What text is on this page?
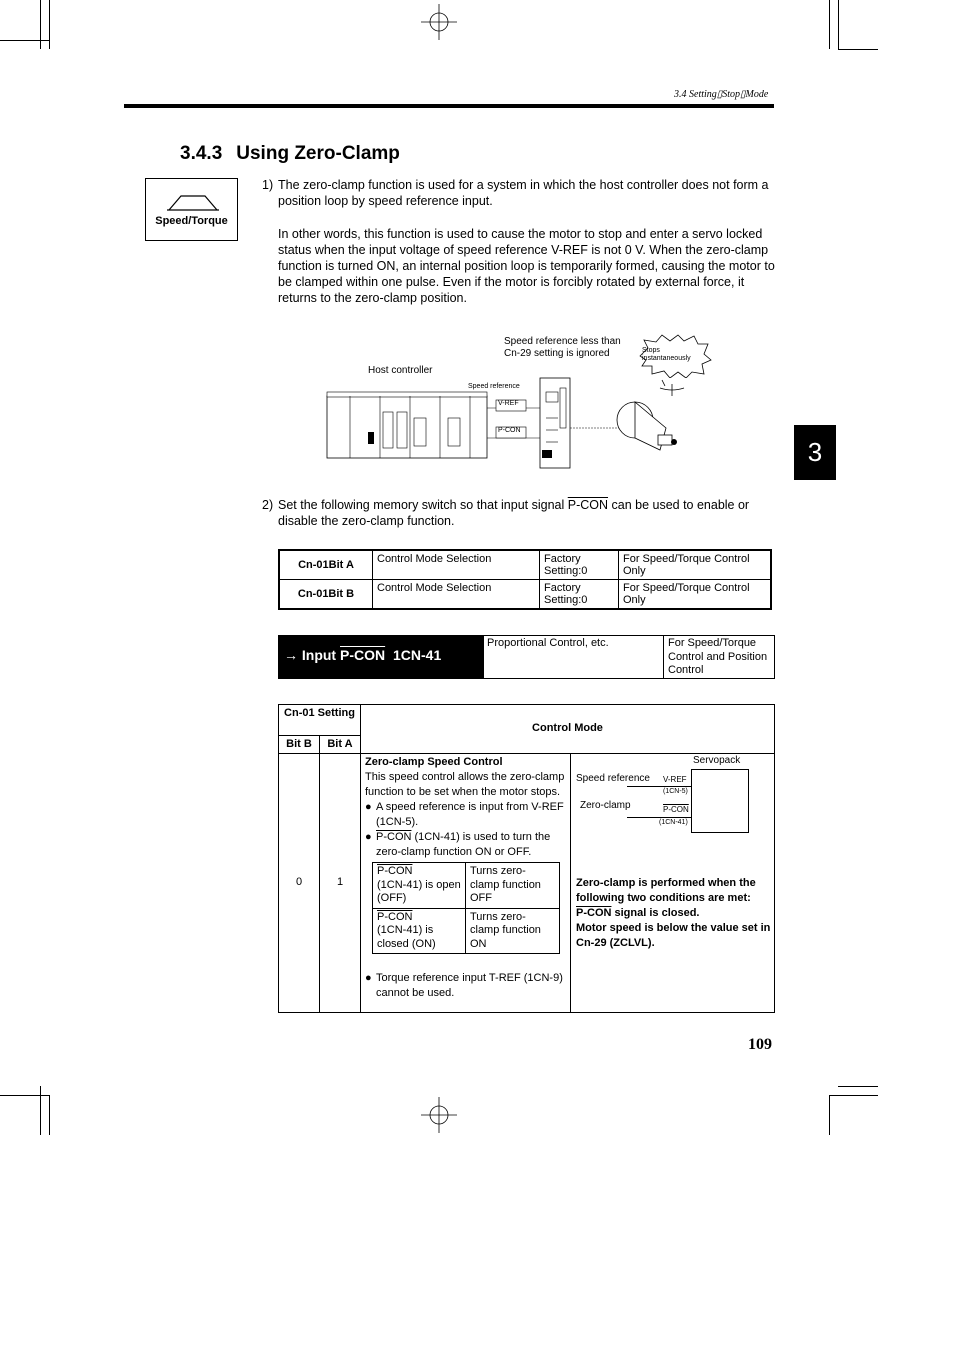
3.4 Setting▯Stop▯Mode
3.4.3 Using Zero-Clamp
Speed/Torque
1) The zero-clamp function is used for a system in which the host controller does not form a position loop by speed reference input.
In other words, this function is used to cause the motor to stop and enter a servo locked status when the input voltage of speed reference V-REF is not 0 V. When the zero-clamp function is turned ON, an internal position loop is temporarily formed, causing the motor to be clamped within one pulse. Even if the motor is forcibly rotated by external force, it returns to the zero-clamp position.
Host controller
Speed reference less than
Cn-29 setting is ignored
Speed reference
Stops
instantaneously
V-REF
P-CON
2) Set the following memory switch so that input signal P-CON can be used to enable or disable the zero-clamp function.
Cn-01Bit A	Control Mode Selection	Factory Setting:0	For Speed/Torque Control Only
Cn-01Bit B	Control Mode Selection	Factory Setting:0	For Speed/Torque Control Only
→ Input P-CON 1CN-41
Proportional Control, etc.	For Speed/Torque Control and Position Control
Cn-01 Setting
Bit B	Bit A
Control Mode
0	1
Zero-clamp Speed Control
This speed control allows the zero-clamp function to be set when the motor stops.
● A speed reference is input from V-REF (1CN-5).
● P-CON (1CN-41) is used to turn the zero-clamp function ON or OFF.
P-CON
(1CN-41) is open (OFF)	Turns zero-clamp function OFF
P-CON
(1CN-41) is closed (ON)	Turns zero-clamp function ON
● Torque reference input T-REF (1CN-9) cannot be used.
Servopack
Speed reference V-REF
(1CN-5)
Zero-clamp	P-CON
(1CN-41)
Zero-clamp is performed when the following two conditions are met:
P-CON signal is closed.
Motor speed is below the value set in Cn-29 (ZCLVL).
3
109
